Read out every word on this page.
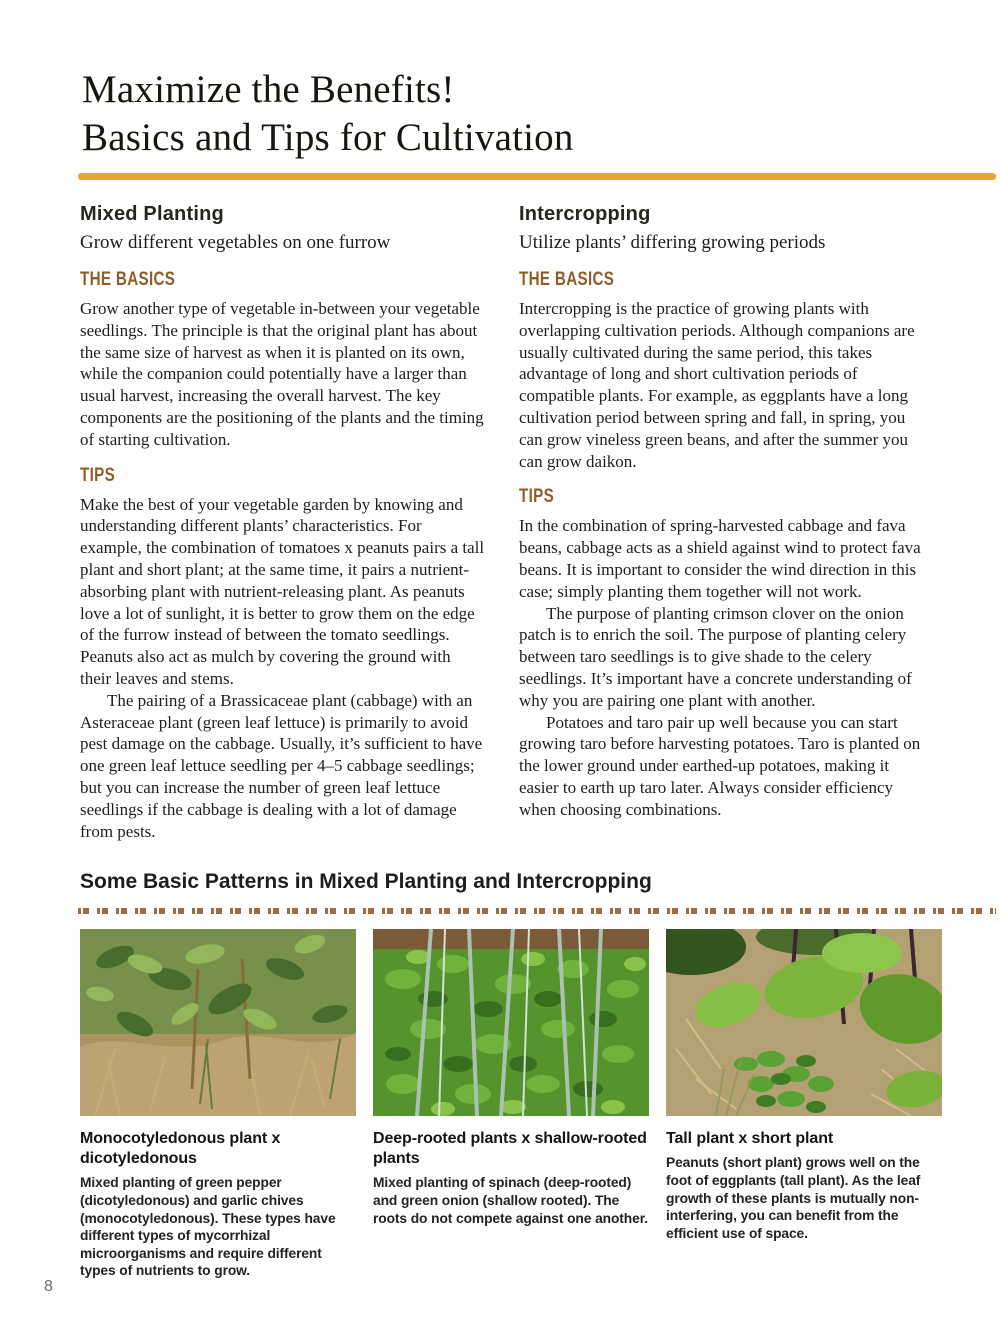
Maximize the Benefits!
Basics and Tips for Cultivation
Mixed Planting
Grow different vegetables on one furrow
THE BASICS

Grow another type of vegetable in-between your vegetable seedlings. The principle is that the original plant has about the same size of harvest as when it is planted on its own, while the companion could potentially have a larger than usual harvest, increasing the overall harvest. The key components are the positioning of the plants and the timing of starting cultivation.

TIPS

Make the best of your vegetable garden by knowing and understanding different plants’ characteristics. For example, the combination of tomatoes x peanuts pairs a tall plant and short plant; at the same time, it pairs a nutrient-absorbing plant with nutrient-releasing plant. As peanuts love a lot of sunlight, it is better to grow them on the edge of the furrow instead of between the tomato seedlings. Peanuts also act as mulch by covering the ground with their leaves and stems.

The pairing of a Brassicaceae plant (cabbage) with an Asteraceae plant (green leaf lettuce) is primarily to avoid pest damage on the cabbage. Usually, it’s sufficient to have one green leaf lettuce seedling per 4–5 cabbage seedlings; but you can increase the number of green leaf lettuce seedlings if the cabbage is dealing with a lot of damage from pests.

Intercropping
Utilize plants’ differing growing periods
THE BASICS

Intercropping is the practice of growing plants with overlapping cultivation periods. Although companions are usually cultivated during the same period, this takes advantage of long and short cultivation periods of compatible plants. For example, as eggplants have a long cultivation period between spring and fall, in spring, you can grow vineless green beans, and after the summer you can grow daikon.

TIPS

In the combination of spring-harvested cabbage and fava beans, cabbage acts as a shield against wind to protect fava beans. It is important to consider the wind direction in this case; simply planting them together will not work.

The purpose of planting crimson clover on the onion patch is to enrich the soil. The purpose of planting celery between taro seedlings is to give shade to the celery seedlings. It’s important have a concrete understanding of why you are pairing one plant with another.

Potatoes and taro pair up well because you can start growing taro before harvesting potatoes. Taro is planted on the lower ground under earthed-up potatoes, making it easier to earth up taro later. Always consider efficiency when choosing combinations.

Some Basic Patterns in Mixed Planting and Intercropping
Monocotyledonous plant x dicotyledonous
Mixed planting of green pepper (dicotyledonous) and garlic chives (monocotyledonous). These types have different types of mycorrhizal microorganisms and require different types of nutrients to grow.
Deep-rooted plants x shallow-rooted plants
Mixed planting of spinach (deep-rooted) and green onion (shallow rooted). The roots do not compete against one another.
Tall plant x short plant
Peanuts (short plant) grows well on the foot of eggplants (tall plant). As the leaf growth of these plants is mutually non-interfering, you can benefit from the efficient use of space.
8
